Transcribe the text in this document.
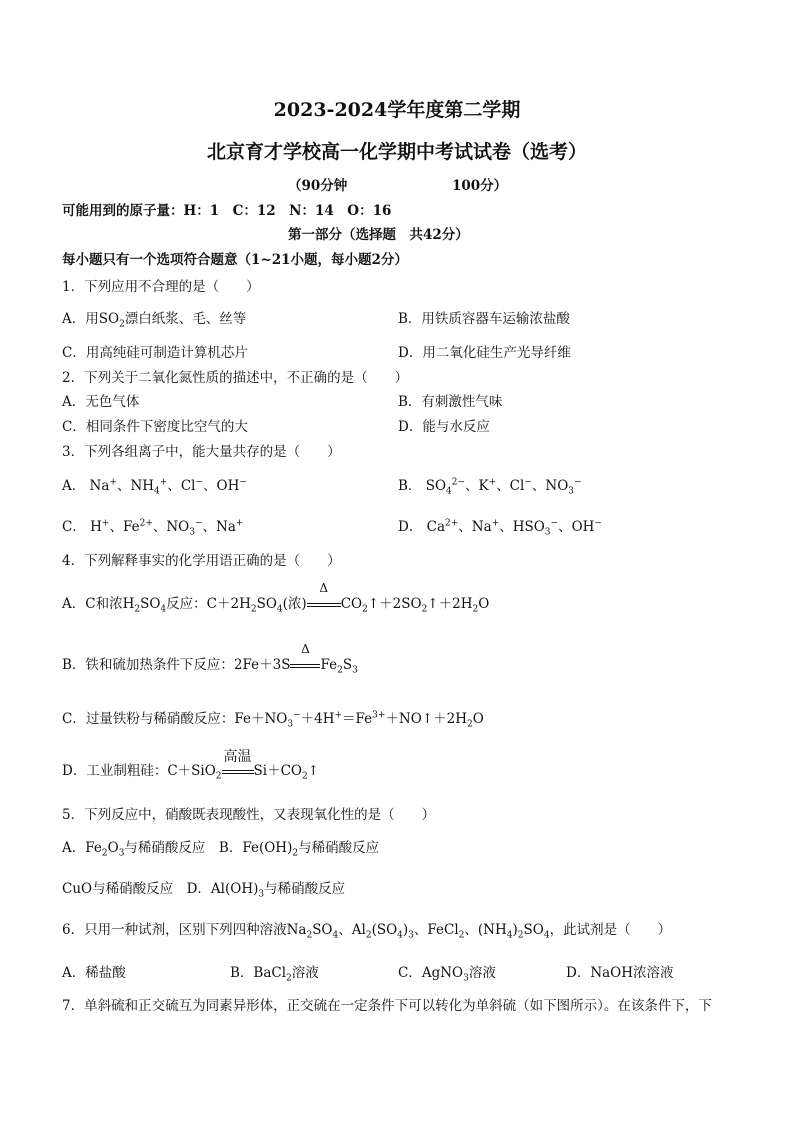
2023-2024学年度第二学期
北京育才学校高一化学期中考试试卷（选考）
（90分钟	100分）
可能用到的原子量：H：1　C：12　N：14　O：16
第一部分（选择题　共42分）
每小题只有一个选项符合题意（1~21小题，每小题2分）
1．下列应用不合理的是（　　）
A．用$SO_2$漂白纸浆、毛、丝等	B．用铁质容器车运输浓盐酸
C．用高纯硅可制造计算机芯片	D．用二氧化硅生产光导纤维
2．下列关于二氧化氮性质的描述中，不正确的是（　　）
A．无色气体	B．有刺激性气味
C．相同条件下密度比空气的大	D．能与水反应
3．下列各组离子中，能大量共存的是（　　）
A． Na+、$NH_4^+$、Cl−、OH−	B． $SO_4^{2-}$、K+、Cl−、$NO_3^-$
C． H+、$Fe^{2+}$、$NO_3^-$、Na+	D． $Ca^{2+}$、Na+、$HSO_3^-$、OH−
4．下列解释事实的化学用语正确的是（　　）
A．C和浓$H_2SO_4$反应：$C+2H_2SO_4$(浓)
Δ
$CO_2↑+2SO_2↑+2H_2O$
B．铁和硫加热条件下反应：2Fe＋3S
Δ
$Fe_2S_3$
C．过量铁粉与稀硝酸反应：$Fe+NO_3^-+4H^+=Fe^{3+}+NO↑+2H_2O$
D．工业制粗硅：C＋SiO$_2$
高温
$Si+CO_2↑$
5．下列反应中，硝酸既表现酸性，又表现氧化性的是（　　）
A．$Fe_2O_3$与稀硝酸反应　B．$Fe(OH)_2$与稀硝酸反应
CuO与稀硝酸反应　D．$Al(OH)_3$与稀硝酸反应
6．只用一种试剂，区别下列四种溶液$Na_2SO_4$、$Al_2(SO_4)_3$、FeCl$_2$、$(NH_4)_2SO_4$，此试剂是（　　）
A．稀盐酸	B．BaCl$_2$溶液	C．AgNO$_3$溶液	D．NaOH浓溶液
7．单斜硫和正交硫互为同素异形体，正交硫在一定条件下可以转化为单斜硫（如下图所示）。在该条件下，下
